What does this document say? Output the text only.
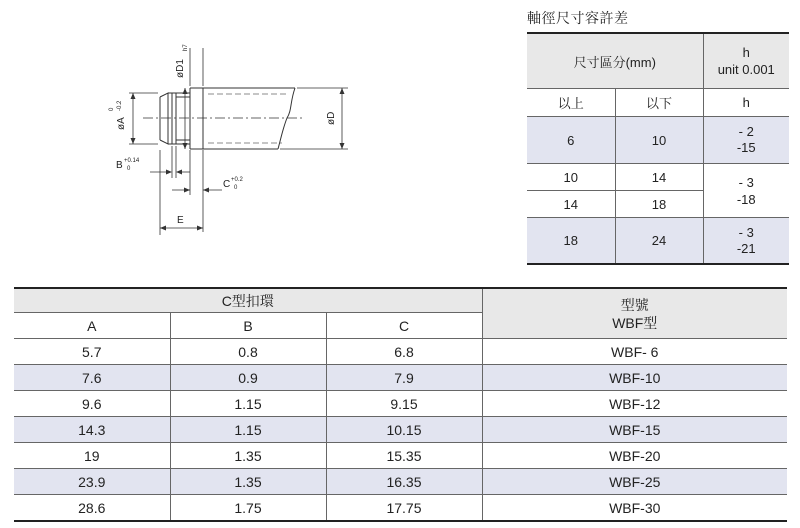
øD1
h7
øA
0 -0.2
øD
B +0.14
0
C +0.2
0
E
軸徑尺寸容許差
尺寸區分(mm)		h
unit 0.001

以上	以下	h
6	10	- 2
-15

10	14	- 3
-18

14	18	
18	24	- 3
-21
C型扣環			型號
WBF型

A	B	C	
5.7	0.8	6.8	WBF- 6
7.6	0.9	7.9	WBF-10
9.6	1.15	9.15	WBF-12
14.3	1.15	10.15	WBF-15
19	1.35	15.35	WBF-20
23.9	1.35	16.35	WBF-25
28.6	1.75	17.75	WBF-30
